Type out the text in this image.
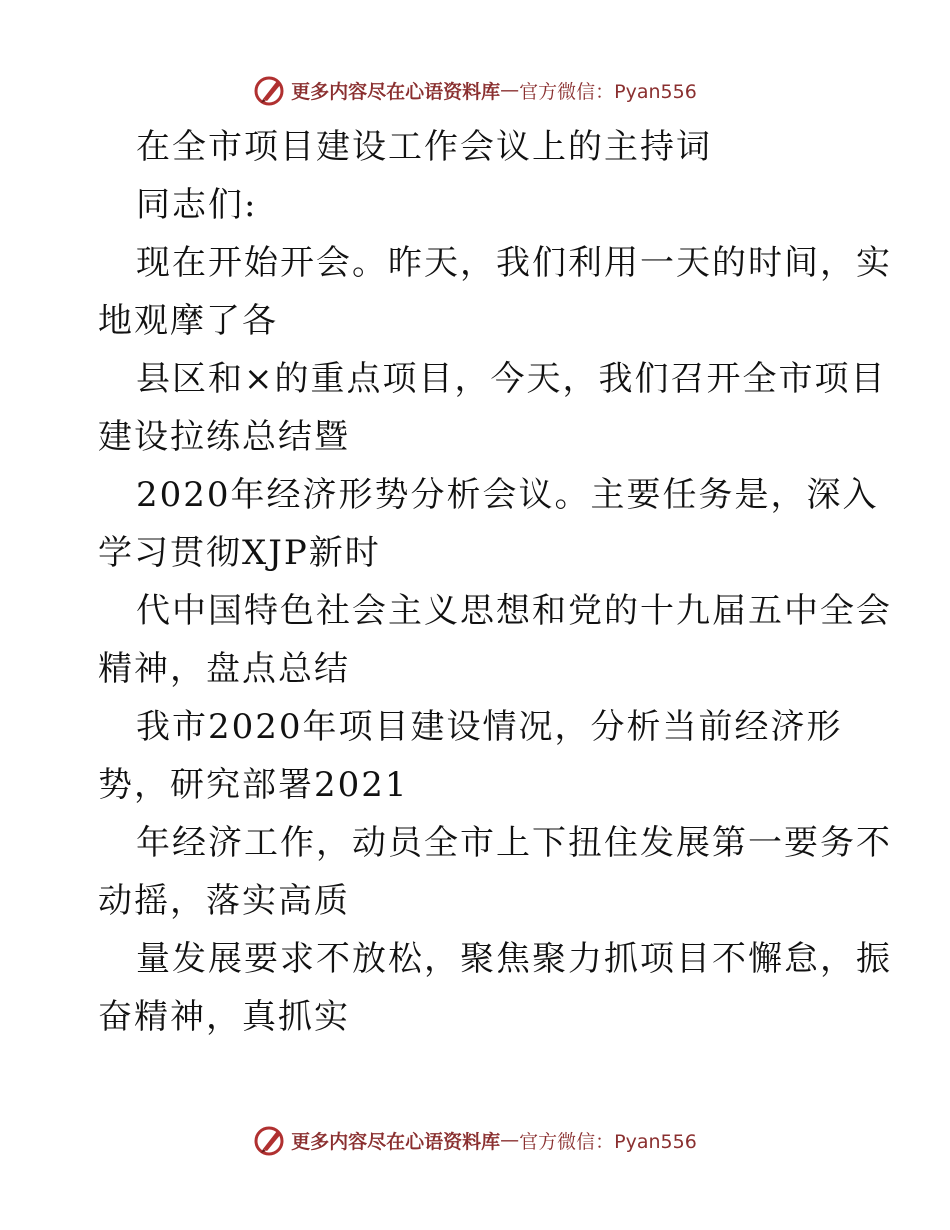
更多内容尽在心语资料库 — 官方微信：Pyan556
在全市项目建设工作会议上的主持词
同志们:
现在开始开会。昨天，我们利用一天的时间，实
地观摩了各
县区和×的重点项目，今天，我们召开全市项目
建设拉练总结暨
2020年经济形势分析会议。主要任务是，深入
学习贯彻XJP新时
代中国特色社会主义思想和党的十九届五中全会
精神，盘点总结
我市2020年项目建设情况，分析当前经济形
势，研究部署2021
年经济工作，动员全市上下扭住发展第一要务不
动摇，落实高质
量发展要求不放松，聚焦聚力抓项目不懈怠，振
奋精神，真抓实
更多内容尽在心语资料库 — 官方微信：Pyan556
